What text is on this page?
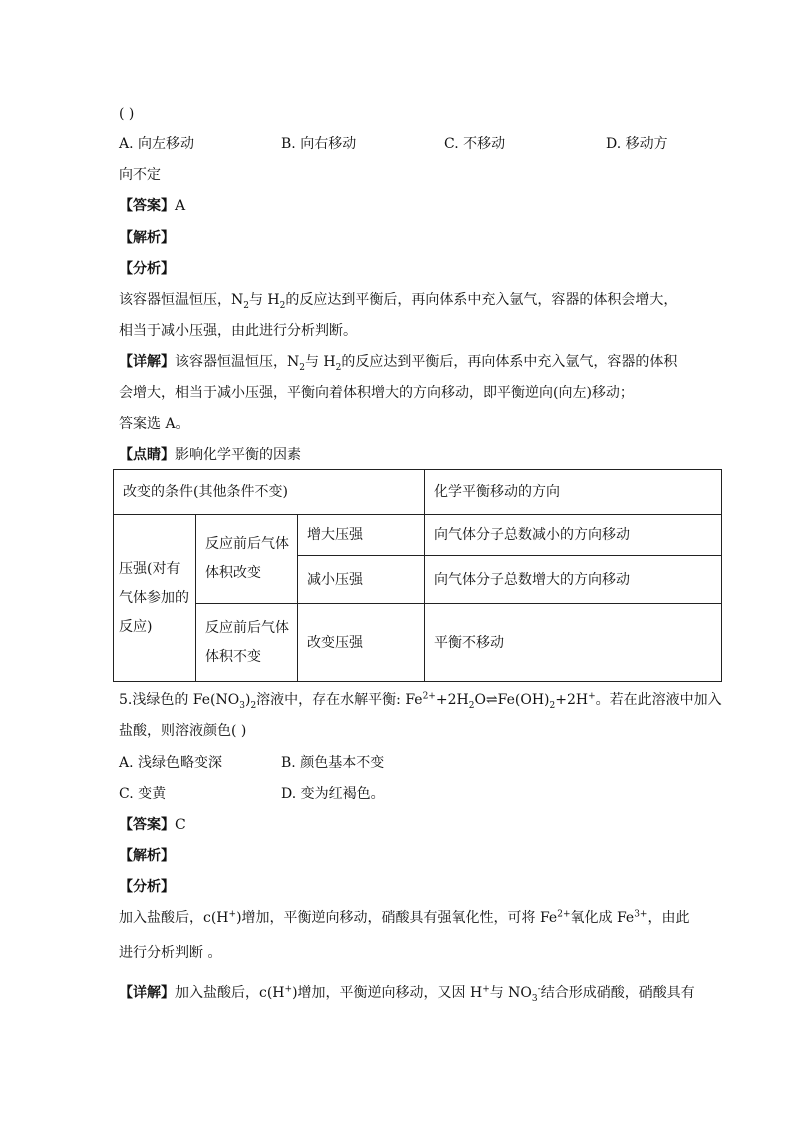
( )
A. 向左移动	B. 向右移动	C. 不移动	D. 移动方
向不定
【答案】A
【解析】
【分析】
该容器恒温恒压，$N_2$与 $H_2$的反应达到平衡后，再向体系中充入氩气，容器的体积会增大，
相当于减小压强，由此进行分析判断。
【详解】该容器恒温恒压，$N_2$与 $H_2$的反应达到平衡后，再向体系中充入氩气，容器的体积
会增大，相当于减小压强，平衡向着体积增大的方向移动，即平衡逆向(向左)移动；
答案选 A。
【点睛】影响化学平衡的因素
改变的条件(其他条件不变)			化学平衡移动的方向
压强(对有气体参加的反应)	反应前后气体体积改变	增大压强	向气体分子总数减小的方向移动
		减小压强	向气体分子总数增大的方向移动
	反应前后气体体积不变	改变压强	平衡不移动
5.浅绿色的 $Fe(NO_3)_2$溶液中，存在水解平衡: $Fe^{2+}+2H_2O\rightleftharpoons Fe(OH)_2+2H^+$。若在此溶液中加入
盐酸，则溶液颜色( )
A. 浅绿色略变深	B. 颜色基本不变
C. 变黄	D. 变为红褐色。
【答案】C
【解析】
【分析】
加入盐酸后，c(H+)增加，平衡逆向移动，硝酸具有强氧化性，可将 $Fe^{2+}$氧化成 $Fe^{3+}$，由此
进行分析判断 。
【详解】加入盐酸后，c(H+)增加，平衡逆向移动，又因 H+与 $NO_3^-$结合形成硝酸，硝酸具有
